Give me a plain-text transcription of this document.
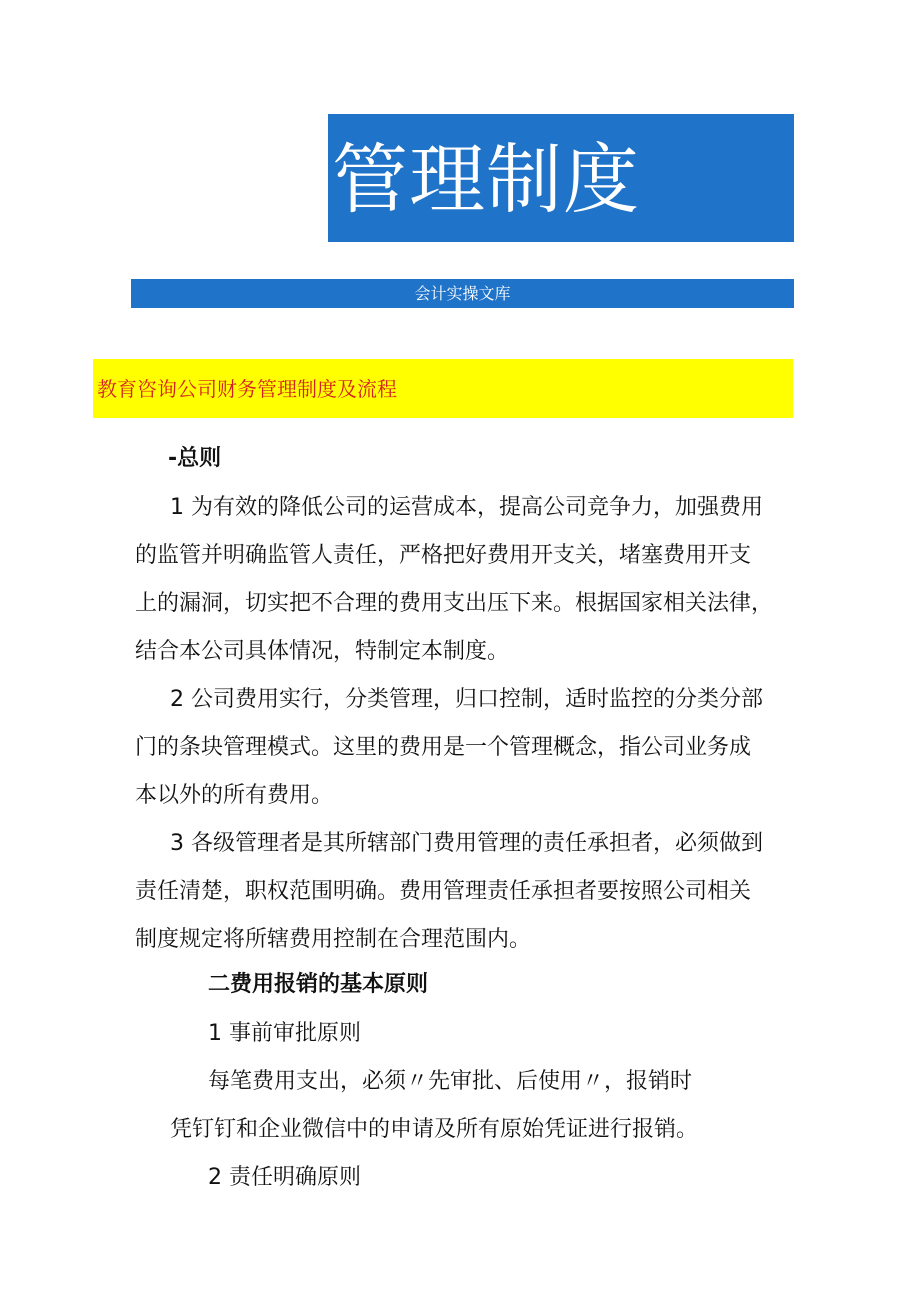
管理制度
会计实操文库
教育咨询公司财务管理制度及流程
-总则
1 为有效的降低公司的运营成本，提高公司竞争力，加强费用
的监管并明确监管人责任，严格把好费用开支关，堵塞费用开支
上的漏洞，切实把不合理的费用支出压下来。根据国家相关法律，
结合本公司具体情况，特制定本制度。
2 公司费用实行，分类管理，归口控制，适时监控的分类分部
门的条块管理模式。这里的费用是一个管理概念，指公司业务成
本以外的所有费用。
3 各级管理者是其所辖部门费用管理的责任承担者，必须做到
责任清楚，职权范围明确。费用管理责任承担者要按照公司相关
制度规定将所辖费用控制在合理范围内。
二费用报销的基本原则
1 事前审批原则
每笔费用支出，必须〃先审批、后使用〃，报销时
凭钉钉和企业微信中的申请及所有原始凭证进行报销。
2 责任明确原则
